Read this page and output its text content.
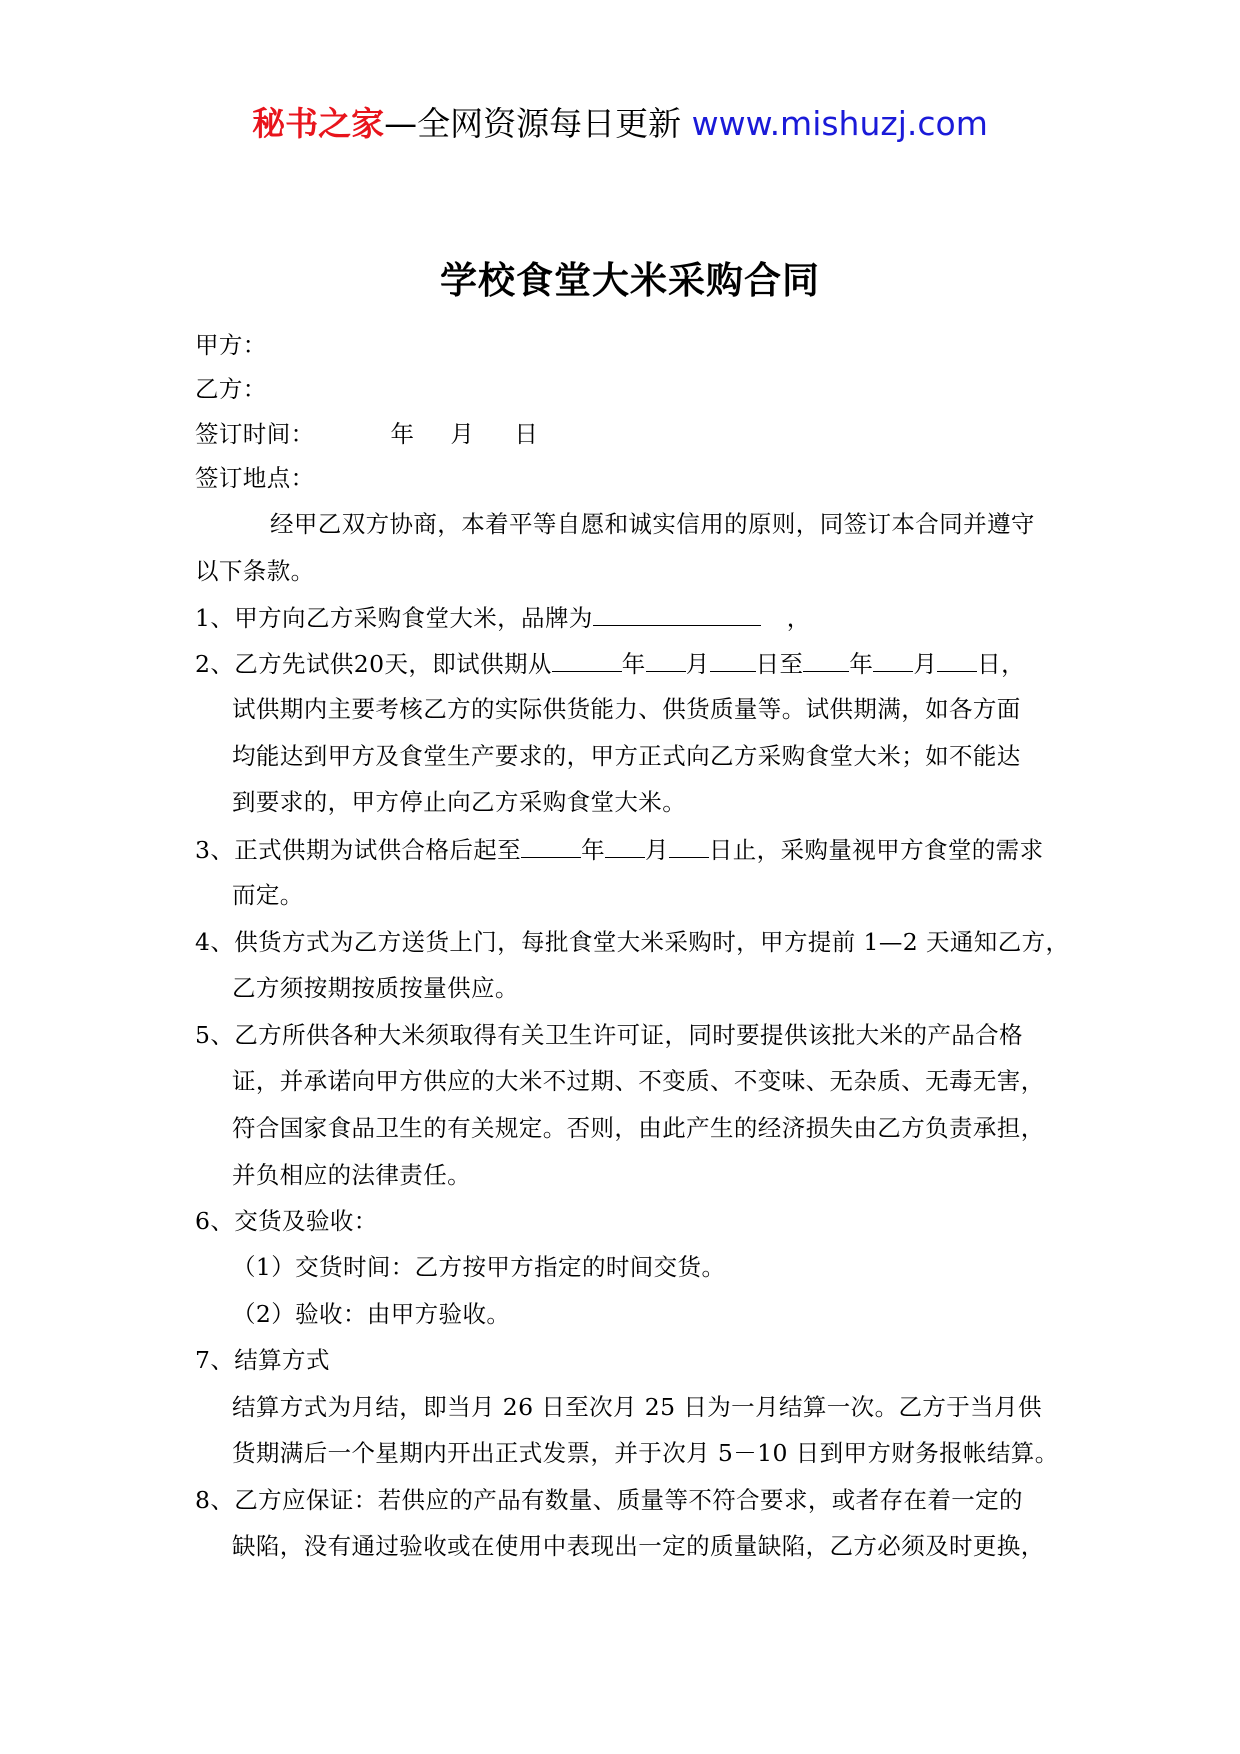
秘书之家—全网资源每日更新 www.mishuzj.com
学校食堂大米采购合同
甲方：
乙方：
签订时间：	年 月 日
签订地点：
经甲乙双方协商，本着平等自愿和诚实信用的原则，同签订本合同并遵守
以下条款。
1、甲方向乙方采购食堂大米，品牌为	，
2、乙方先试供20天，即试供期从	年 月 日至 年 月 日，
试供期内主要考核乙方的实际供货能力、供货质量等。试供期满，如各方面
均能达到甲方及食堂生产要求的，甲方正式向乙方采购食堂大米；如不能达
到要求的，甲方停止向乙方采购食堂大米。
3、正式供期为试供合格后起至	年 月 日止，采购量视甲方食堂的需求
而定。
4、供货方式为乙方送货上门，每批食堂大米采购时，甲方提前 1—2 天通知乙方，
乙方须按期按质按量供应。
5、乙方所供各种大米须取得有关卫生许可证，同时要提供该批大米的产品合格
证，并承诺向甲方供应的大米不过期、不变质、不变味、无杂质、无毒无害，
符合国家食品卫生的有关规定。否则，由此产生的经济损失由乙方负责承担，
并负相应的法律责任。
6、交货及验收：
（1）交货时间：乙方按甲方指定的时间交货。
（2）验收：由甲方验收。
7、结算方式
结算方式为月结，即当月 26 日至次月 25 日为一月结算一次。乙方于当月供
货期满后一个星期内开出正式发票，并于次月 5－10 日到甲方财务报帐结算。
8、乙方应保证：若供应的产品有数量、质量等不符合要求，或者存在着一定的
缺陷，没有通过验收或在使用中表现出一定的质量缺陷，乙方必须及时更换，
